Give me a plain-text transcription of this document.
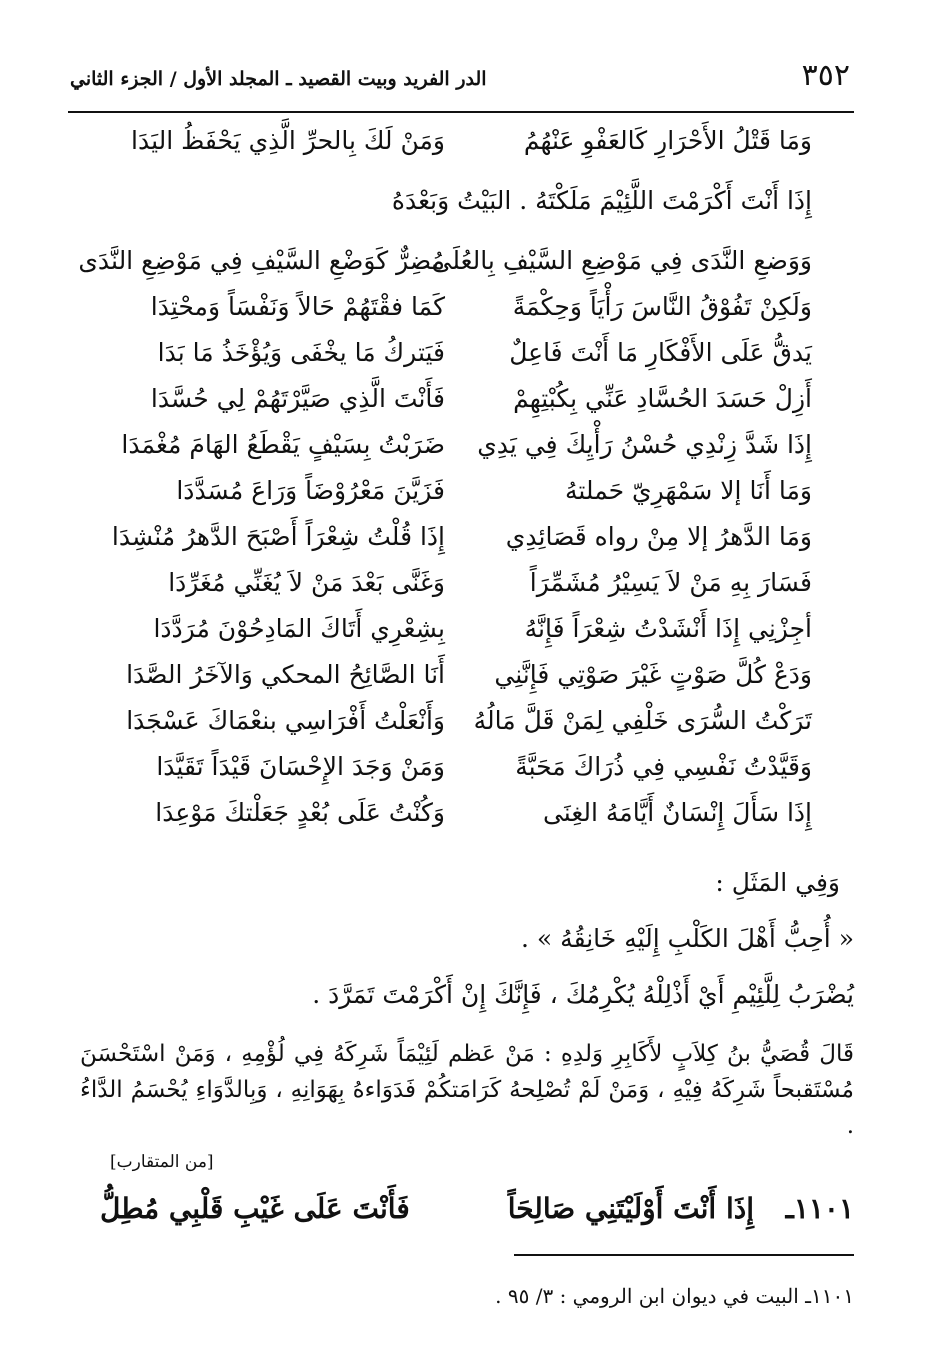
٣٥٢
الدر الفريد وبيت القصيد ـ المجلد الأول / الجزء الثاني
وَمَا قَتْلُ الأَحْرَارِ كَالعَفْوِ عَنْهُمُ
وَمَنْ لَكَ بِالحرِّ الَّذِي يَحْفَظُ اليَدَا
إِذَا أَنْتَ أَكْرَمْتَ اللَّئِيْمَ مَلَكْتَهُ . البَيْتُ وَبَعْدَهُ
وَوَضعِ النَّدَى فِي مَوْضِعِ السَّيْفِ بِالعُلَى
مُضِرٌّ كَوَضْعِ السَّيْفِ فِي مَوْضِعِ النَّدَى
وَلَكِنْ تَفُوْقُ النَّاسَ رَأْيَاً وَحِكْمَةً
كَمَا فقْتَهُمْ حَالاً وَنَفْسَاً وَمحْتِدَا
يَدقُّ عَلَى الأَفْكَارِ مَا أَنْتَ فَاعِلٌ
فَيَتركُ مَا يخْفَى وَيُؤْخَذُ مَا بَدَا
أَزِلْ حَسَدَ الحُسَّادِ عَنِّي بِكُبْتِهِمْ
فَأَنْتَ الَّذِي صَيَّرْتَهُمْ لِي حُسَّدَا
إِذَا شَدَّ زِنْدِي حُسْنُ رَأْيِكَ فِي يَدِي
ضَرَبْتُ بِسَيْفٍ يَقْطَعُ الهَامَ مُغْمَدَا
وَمَا أَنَا إلا سَمْهَرِيّ حَملتهُ
فَزَيَّنَ مَعْرُوْضَاً وَرَاعَ مُسَدَّدَا
وَمَا الدَّهرُ إلا مِنْ رواه قَصَائِدِي
إِذَا قُلْتُ شِعْرَاً أَصْبَحَ الدَّهرُ مُنْشِدَا
فَسَارَ بِهِ مَنْ لاَ يَسِيْرُ مُشَمِّرَاً
وَغَنَّى بَعْدَ مَنْ لاَ يُغَنِّي مُغَرِّدَا
أجِزْنِي إِذَا أَنْشَدْتُ شِعْرَاً فَإِنَّهُ
بِشِعْرِي أَتَاكَ المَادِحُوْنَ مُرَدَّدَا
وَدَعْ كُلَّ صَوْتٍ غَيْرَ صَوْتِي فَإِنَّنِي
أَنَا الصَّائِحُ المحكي وَالآخَرُ الصَّدَا
تَرَكْتُ السُّرَى خَلْفِي لِمَنْ قَلَّ مَالُهُ
وَأَنْعَلْتُ أَفْرَاسِي بنعْمَاكَ عَسْجَدَا
وَقَيَّدْتُ نَفْسِي فِي ذُرَاكَ مَحَبَّةً
وَمَنْ وَجَدَ الإِحْسَانَ قَيْدَاً تَقَيَّدَا
إِذَا سَأَلَ إِنْسَانٌ أَيَّامَهُ الغِنَى
وَكُنْتُ عَلَى بُعْدٍ جَعَلْتكَ مَوْعِدَا
وَفِي المَثَلِ :
« أُحِبُّ أَهْلَ الكَلْبِ إِلَيْهِ خَانِقُهُ » .
يُضْرَبُ لِلَّئِيْمِ أَيْ أَذْلِلْهُ يُكْرِمُكَ ، فَإِنَّكَ إِنْ أَكْرَمْتَ تَمَرَّدَ .
قَالَ قُصَيُّ بنُ كِلاَبٍ لأَكَابِرِ وَلدِهِ : مَنْ عَظم لَئِيْمَاً شَرِكَهُ فِي لُؤْمِهِ ، وَمَنْ اسْتَحْسَنَ مُسْتَقبحاً شَرِكَهُ فِيْهِ ، وَمَنْ لَمْ تُصْلِحهُ كَرَامَتكُمْ فَدَوَاءهُ بِهَوَانِهِ ، وَبِالدَّوَاءِ يُحْسَمُ الدَّاءُ .
[من المتقارب]
١١٠١ـ
إِذَا أَنْتَ أَوْلَيْتَنِي صَالِحَاً
فَأَنْتَ عَلَى غَيْبِ قَلْبِي مُطِلُّ
١١٠١ـ البيت في ديوان ابن الرومي : ٣/ ٩٥ .
